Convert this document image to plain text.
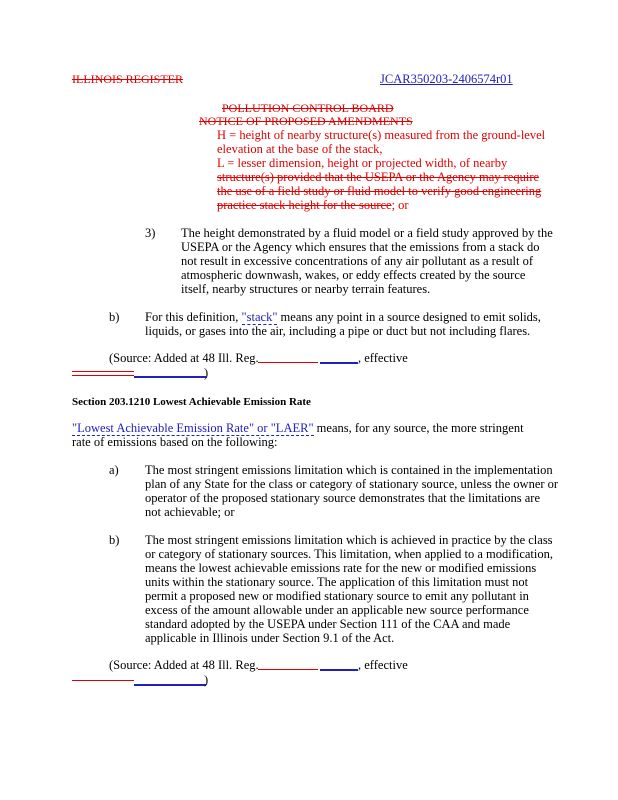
ILLINOIS REGISTER	JCAR350203-2406574r01
POLLUTION CONTROL BOARD
NOTICE OF PROPOSED AMENDMENTS
H = height of nearby structure(s) measured from the ground-level
elevation at the base of the stack,
L = lesser dimension, height or projected width, of nearby
structure(s) provided that the USEPA or the Agency may require
the use of a field study or fluid model to verify good engineering
practice stack height for the source; or
3) The height demonstrated by a fluid model or a field study approved by the
USEPA or the Agency which ensures that the emissions from a stack do
not result in excessive concentrations of any air pollutant as a result of
atmospheric downwash, wakes, or eddy effects created by the source
itself, nearby structures or nearby terrain features.
b) For this definition, "stack" means any point in a source designed to emit solids,
liquids, or gases into the air, including a pipe or duct but not including flares.
(Source: Added at 48 Ill. Reg.	, effective
)
Section 203.1210 Lowest Achievable Emission Rate
"Lowest Achievable Emission Rate" or "LAER" means, for any source, the more stringent
rate of emissions based on the following:
a) The most stringent emissions limitation which is contained in the implementation
plan of any State for the class or category of stationary source, unless the owner or
operator of the proposed stationary source demonstrates that the limitations are
not achievable; or
b) The most stringent emissions limitation which is achieved in practice by the class
or category of stationary sources. This limitation, when applied to a modification,
means the lowest achievable emissions rate for the new or modified emissions
units within the stationary source. The application of this limitation must not
permit a proposed new or modified stationary source to emit any pollutant in
excess of the amount allowable under an applicable new source performance
standard adopted by the USEPA under Section 111 of the CAA and made
applicable in Illinois under Section 9.1 of the Act.
(Source: Added at 48 Ill. Reg.	, effective
)
